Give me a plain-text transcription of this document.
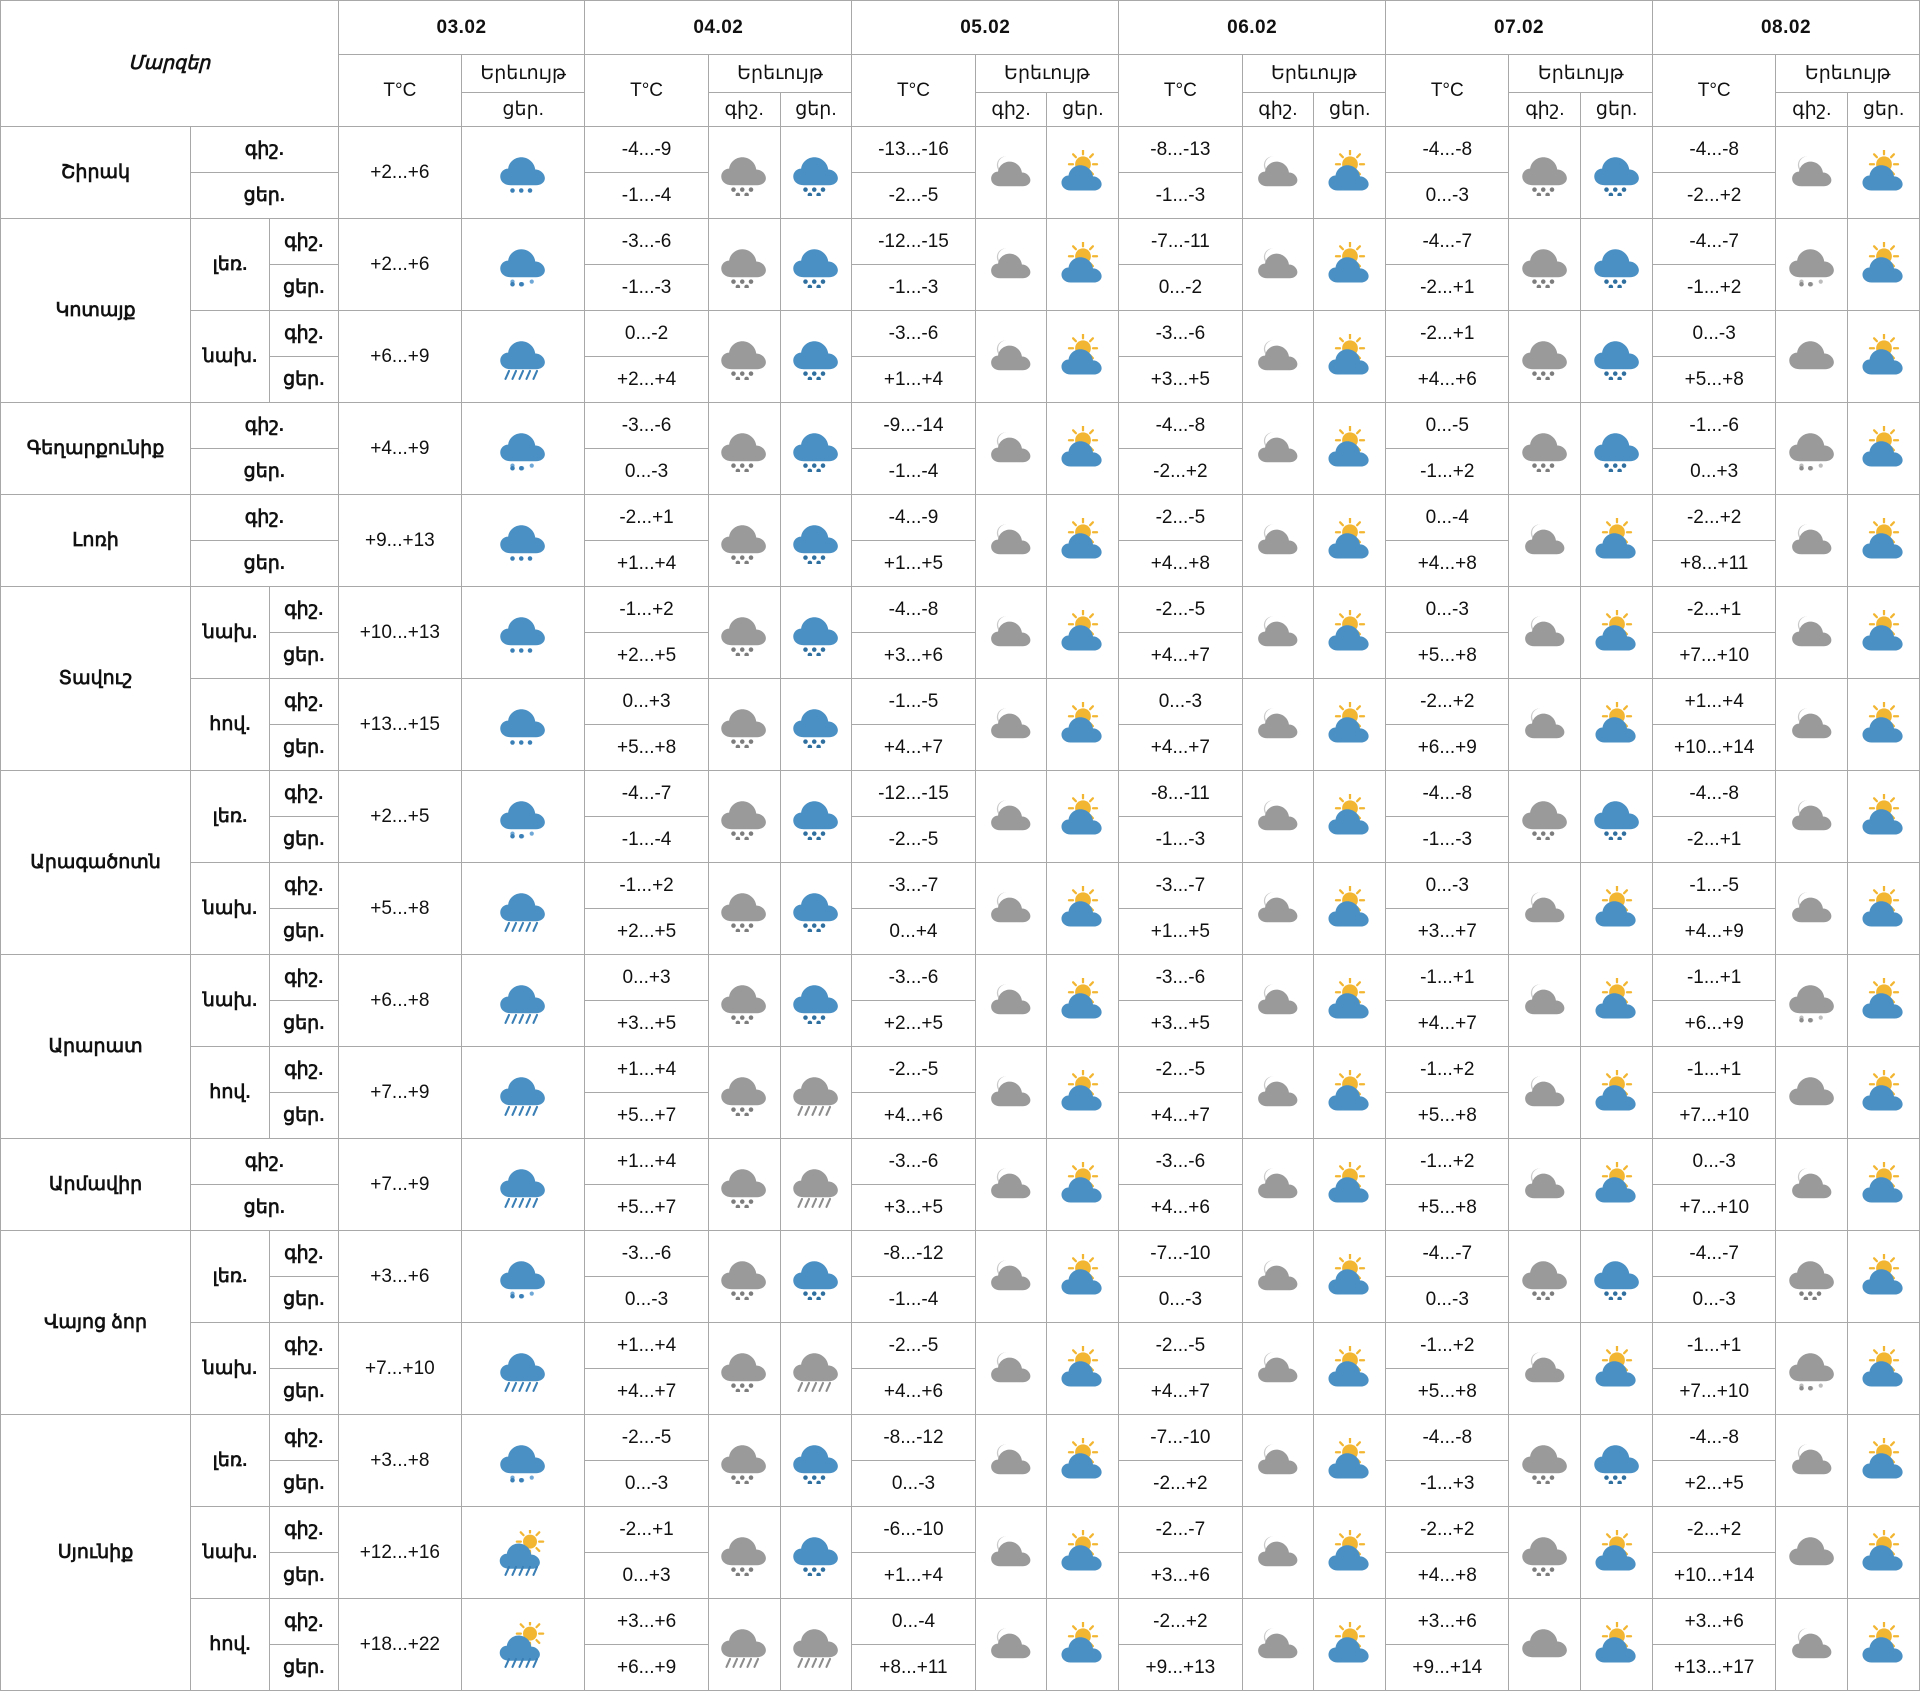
Մարզեր			03.02		04.02			05.02			06.02			07.02			08.02		
			T°C	Երեւույթ	T°C	Երեւույթ		T°C	Երեւույթ		T°C	Երեւույթ		T°C	Երեւույթ		T°C	Երեւույթ	
				ցեր.		գիշ.	ցեր.		գիշ.	ցեր.		գիշ.	ցեր.		գիշ.	ցեր.		գիշ.	ցեր.
Շիրակ	գիշ.		+2...+6		-4...-9			-13...-16			-8...-13			-4...-8			-4...-8	

	ցեր.				-1...-4			-2...-5			-1...-3			0...-3			-2...+2		
Կոտայք	լեռ.	գիշ.	+2...+6		-3...-6			-12...-15			-7...-11			-4...-7			-4...-7	

		ցեր.			-1...-3			-1...-3			0...-2			-2...+1			-1...+2		
	նախ.	գիշ.	+6...+9		0...-2			-3...-6			-3...-6			-2...+1			0...-3	

		ցեր.			+2...+4			+1...+4			+3...+5			+4...+6			+5...+8		
Գեղարքունիք	գիշ.		+4...+9		-3...-6			-9...-14			-4...-8			0...-5			-1...-6	

	ցեր.				0...-3			-1...-4			-2...+2			-1...+2			0...+3		
Լոռի	գիշ.		+9...+13		-2...+1			-4...-9			-2...-5			0...-4			-2...+2	

	ցեր.				+1...+4			+1...+5			+4...+8			+4...+8			+8...+11		
Տավուշ	նախ.	գիշ.	+10...+13		-1...+2			-4...-8			-2...-5			0...-3			-2...+1	

		ցեր.			+2...+5			+3...+6			+4...+7			+5...+8			+7...+10		
	հով.	գիշ.	+13...+15		0...+3			-1...-5			0...-3			-2...+2			+1...+4	

		ցեր.			+5...+8			+4...+7			+4...+7			+6...+9			+10...+14		
Արագածոտն	լեռ.	գիշ.	+2...+5		-4...-7			-12...-15			-8...-11			-4...-8			-4...-8	

		ցեր.			-1...-4			-2...-5			-1...-3			-1...-3			-2...+1		
	նախ.	գիշ.	+5...+8		-1...+2			-3...-7			-3...-7			0...-3			-1...-5	

		ցեր.			+2...+5			0...+4			+1...+5			+3...+7			+4...+9		
Արարատ	նախ.	գիշ.	+6...+8		0...+3			-3...-6			-3...-6			-1...+1			-1...+1	

		ցեր.			+3...+5			+2...+5			+3...+5			+4...+7			+6...+9		
	հով.	գիշ.	+7...+9		+1...+4			-2...-5			-2...-5			-1...+2			-1...+1	

		ցեր.			+5...+7			+4...+6			+4...+7			+5...+8			+7...+10		
Արմավիր	գիշ.		+7...+9		+1...+4			-3...-6			-3...-6			-1...+2			0...-3	

	ցեր.				+5...+7			+3...+5			+4...+6			+5...+8			+7...+10		
Վայոց ձոր	լեռ.	գիշ.	+3...+6		-3...-6			-8...-12			-7...-10			-4...-7			-4...-7	

		ցեր.			0...-3			-1...-4			0...-3			0...-3			0...-3		
	նախ.	գիշ.	+7...+10		+1...+4			-2...-5			-2...-5			-1...+2			-1...+1	

		ցեր.			+4...+7			+4...+6			+4...+7			+5...+8			+7...+10		
Սյունիք	լեռ.	գիշ.	+3...+8		-2...-5			-8...-12			-7...-10			-4...-8			-4...-8	

		ցեր.			0...-3			0...-3			-2...+2			-1...+3			+2...+5		
	նախ.	գիշ.	+12...+16		-2...+1			-6...-10			-2...-7			-2...+2			-2...+2	

		ցեր.			0...+3			+1...+4			+3...+6			+4...+8			+10...+14		
	հով.	գիշ.	+18...+22		+3...+6			0...-4			-2...+2			+3...+6			+3...+6	

		ցեր.			+6...+9			+8...+11			+9...+13			+9...+14			+13...+17		
